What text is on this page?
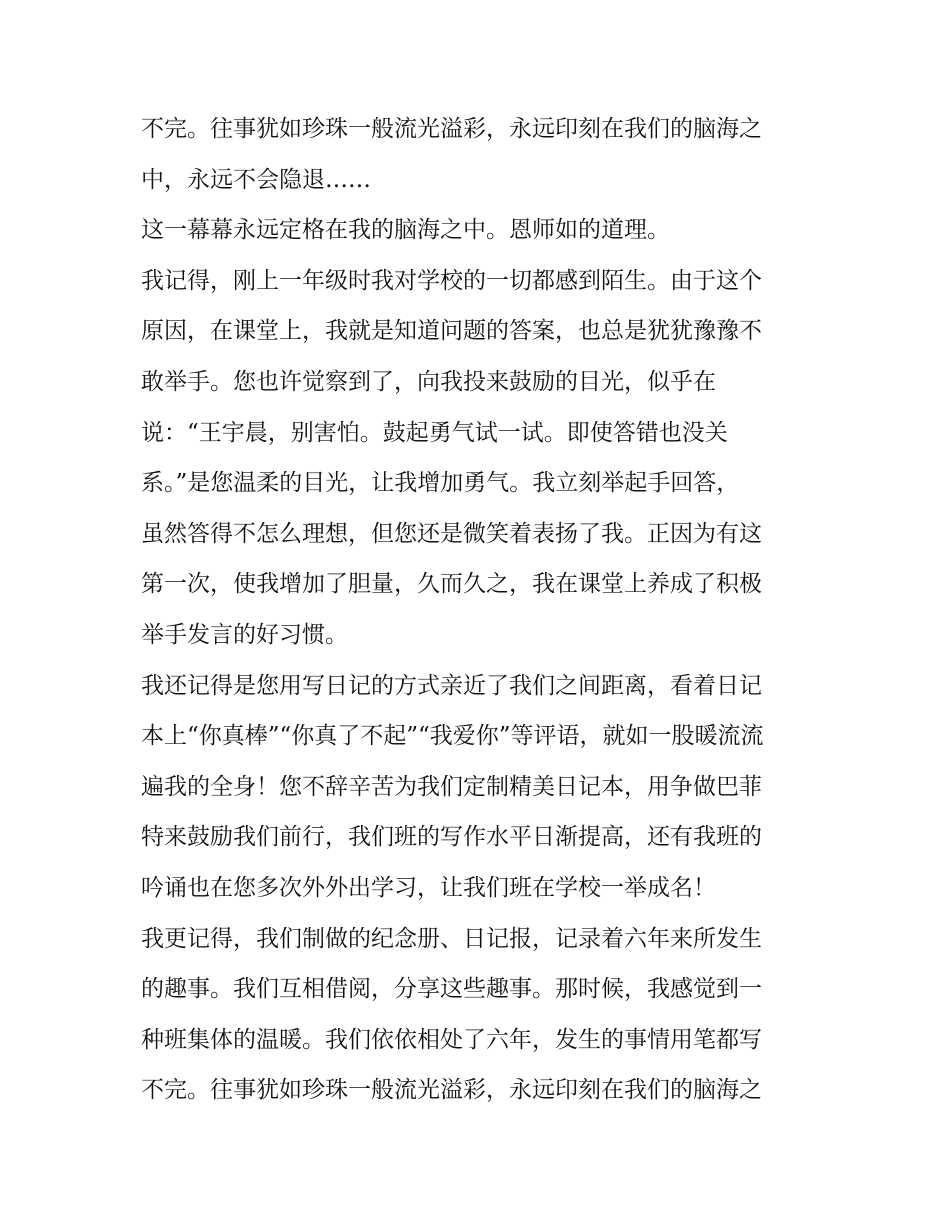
不完。往事犹如珍珠一般流光溢彩，永远印刻在我们的脑海之
中，永远不会隐退……
这一幕幕永远定格在我的脑海之中。恩师如的道理。
我记得，刚上一年级时我对学校的一切都感到陌生。由于这个
原因，在课堂上，我就是知道问题的答案，也总是犹犹豫豫不
敢举手。您也许觉察到了，向我投来鼓励的目光，似乎在
说：“王宇晨，别害怕。鼓起勇气试一试。即使答错也没关
系。”是您温柔的目光，让我增加勇气。我立刻举起手回答，
虽然答得不怎么理想，但您还是微笑着表扬了我。正因为有这
第一次，使我增加了胆量，久而久之，我在课堂上养成了积极
举手发言的好习惯。
我还记得是您用写日记的方式亲近了我们之间距离，看着日记
本上“你真棒”“你真了不起”“我爱你”等评语，就如一股暖流流
遍我的全身！您不辞辛苦为我们定制精美日记本，用争做巴菲
特来鼓励我们前行，我们班的写作水平日渐提高，还有我班的
吟诵也在您多次外外出学习，让我们班在学校一举成名！
我更记得，我们制做的纪念册、日记报，记录着六年来所发生
的趣事。我们互相借阅，分享这些趣事。那时候，我感觉到一
种班集体的温暖。我们依依相处了六年，发生的事情用笔都写
不完。往事犹如珍珠一般流光溢彩，永远印刻在我们的脑海之
